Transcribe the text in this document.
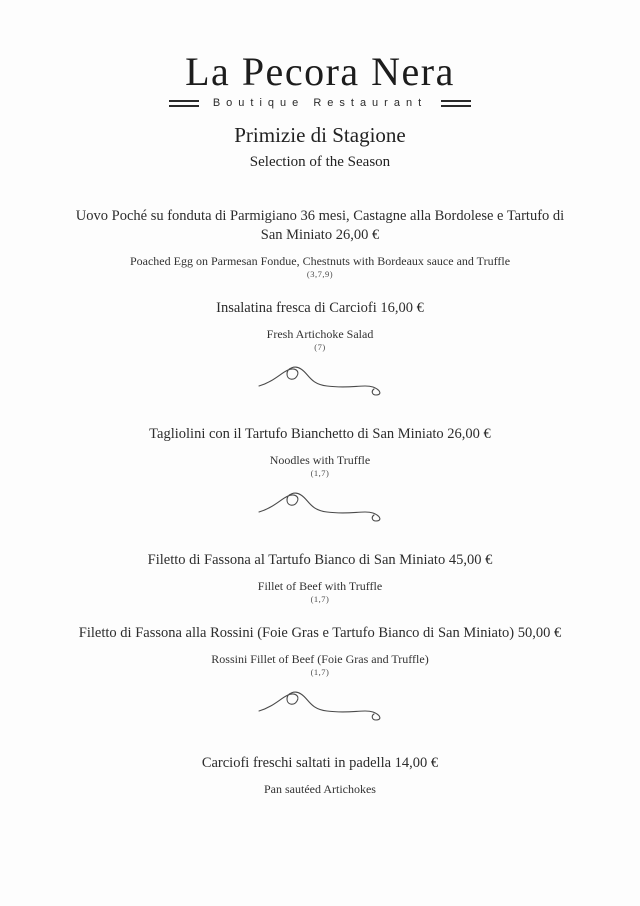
La Pecora Nera
Boutique Restaurant
Primizie di Stagione
Selection of the Season
Uovo Poché su fonduta di Parmigiano 36 mesi, Castagne alla Bordolese e Tartufo di San Miniato 26,00 €
Poached Egg on Parmesan Fondue, Chestnuts with Bordeaux sauce and Truffle
(3,7,9)
Insalatina fresca di Carciofi 16,00 €
Fresh Artichoke Salad
(7)
Tagliolini con il Tartufo Bianchetto di San Miniato 26,00 €
Noodles with Truffle
(1,7)
Filetto di Fassona al Tartufo Bianco di San Miniato 45,00 €
Fillet of Beef with Truffle
(1,7)
Filetto di Fassona alla Rossini (Foie Gras e Tartufo Bianco di San Miniato) 50,00 €
Rossini Fillet of Beef (Foie Gras and Truffle)
(1,7)
Carciofi freschi saltati in padella 14,00 €
Pan sautéed Artichokes
